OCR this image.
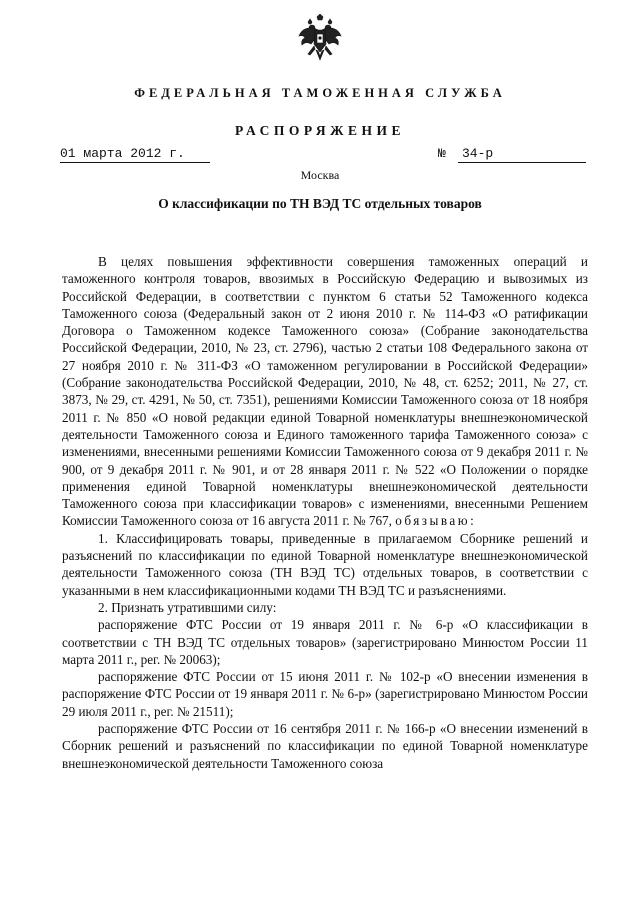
ФЕДЕРАЛЬНАЯ ТАМОЖЕННАЯ СЛУЖБА
РАСПОРЯЖЕНИЕ
01 марта 2012 г.	№	34-р
Москва
О классификации по ТН ВЭД ТС отдельных товаров

В целях повышения эффективности совершения таможенных операций и таможенного контроля товаров, ввозимых в Российскую Федерацию и вывозимых из Российской Федерации, в соответствии с пунктом 6 статьи 52 Таможенного кодекса Таможенного союза (Федеральный закон от 2 июня 2010 г. № 114-ФЗ «О ратификации Договора о Таможенном кодексе Таможенного союза» (Собрание законодательства Российской Федерации, 2010, № 23, ст. 2796), частью 2 статьи 108 Федерального закона от 27 ноября 2010 г. № 311-ФЗ «О таможенном регулировании в Российской Федерации» (Собрание законодательства Российской Федерации, 2010, № 48, ст. 6252; 2011, № 27, ст. 3873, № 29, ст. 4291, № 50, ст. 7351), решениями Комиссии Таможенного союза от 18 ноября 2011 г. № 850 «О новой редакции единой Товарной номенклатуры внешнеэкономической деятельности Таможенного союза и Единого таможенного тарифа Таможенного союза» с изменениями, внесенными решениями Комиссии Таможенного союза от 9 декабря 2011 г. № 900, от 9 декабря 2011 г. № 901, и от 28 января 2011 г. № 522 «О Положении о порядке применения единой Товарной номенклатуры внешнеэкономической деятельности Таможенного союза при классификации товаров» с изменениями, внесенными Решением Комиссии Таможенного союза от 16 августа 2011 г. № 767, обязываю:

1. Классифицировать товары, приведенные в прилагаемом Сборнике решений и разъяснений по классификации по единой Товарной номенклатуре внешнеэкономической деятельности Таможенного союза (ТН ВЭД ТС) отдельных товаров, в соответствии с указанными в нем классификационными кодами ТН ВЭД ТС и разъяснениями.

2. Признать утратившими силу:

распоряжение ФТС России от 19 января 2011 г. № 6-р «О классификации в соответствии с ТН ВЭД ТС отдельных товаров» (зарегистрировано Минюстом России 11 марта 2011 г., рег. № 20063);

распоряжение ФТС России от 15 июня 2011 г. № 102-р «О внесении изменения в распоряжение ФТС России от 19 января 2011 г. № 6-р» (зарегистрировано Минюстом России 29 июля 2011 г., рег. № 21511);

распоряжение ФТС России от 16 сентября 2011 г. № 166-р «О внесении изменений в Сборник решений и разъяснений по классификации по единой Товарной номенклатуре внешнеэкономической деятельности Таможенного союза
